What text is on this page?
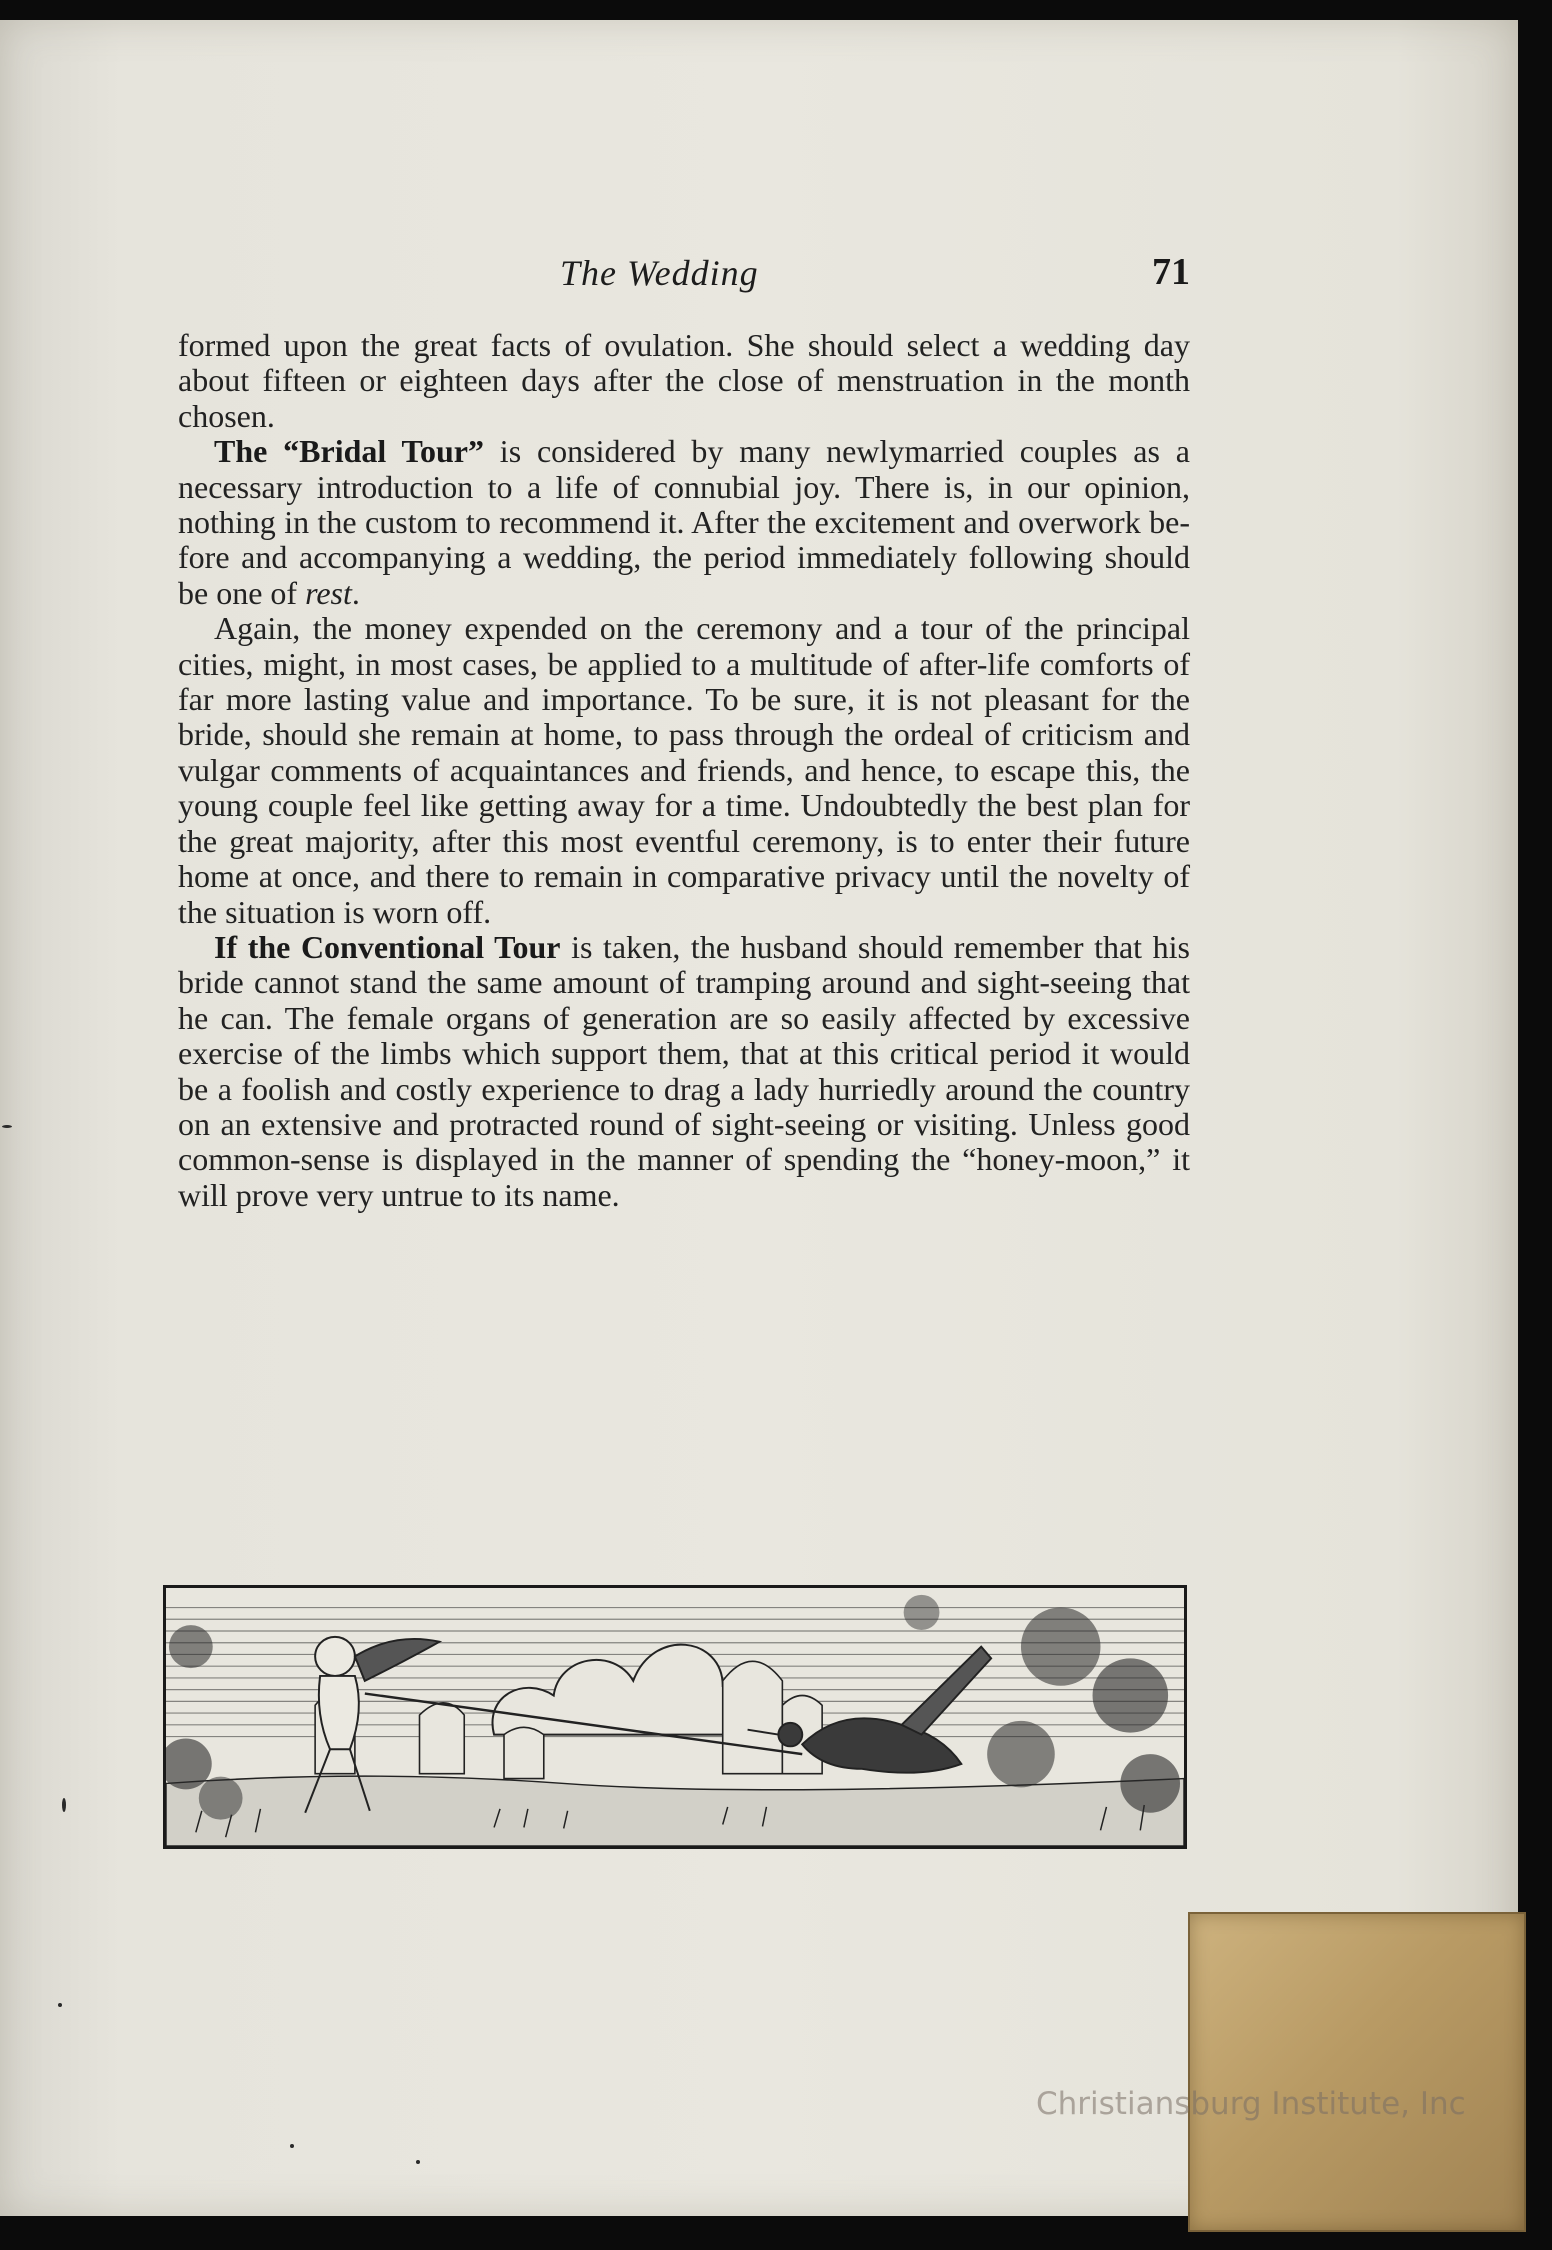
The Wedding	71

formed upon the great facts of ovulation. She should select a wedding day about fifteen or eighteen days after the close of menstruation in the month chosen.

The “Bridal Tour” is considered by many newlymarried couples as a necessary introduction to a life of connubial joy. There is, in our opinion, nothing in the custom to recommend it. After the excitement and overwork before and accompanying a wedding, the period immediately following should be one of rest.

Again, the money expended on the ceremony and a tour of the principal cities, might, in most cases, be applied to a multitude of after-life comforts of far more lasting value and importance. To be sure, it is not pleasant for the bride, should she remain at home, to pass through the ordeal of criticism and vulgar comments of acquaintances and friends, and hence, to escape this, the young couple feel like getting away for a time. Undoubtedly the best plan for the great majority, after this most eventful ceremony, is to enter their future home at once, and there to remain in comparative privacy until the novelty of the situation is worn off.

If the Conventional Tour is taken, the husband should remember that his bride cannot stand the same amount of tramping around and sight-seeing that he can. The female organs of generation are so easily affected by excessive exercise of the limbs which support them, that at this critical period it would be a foolish and costly experience to drag a lady hurriedly around the country on an extensive and protracted round of sight-seeing or visiting. Unless good common-sense is displayed in the manner of spending the “honey-moon,” it will prove very untrue to its name.

Christiansburg Institute, Inc
